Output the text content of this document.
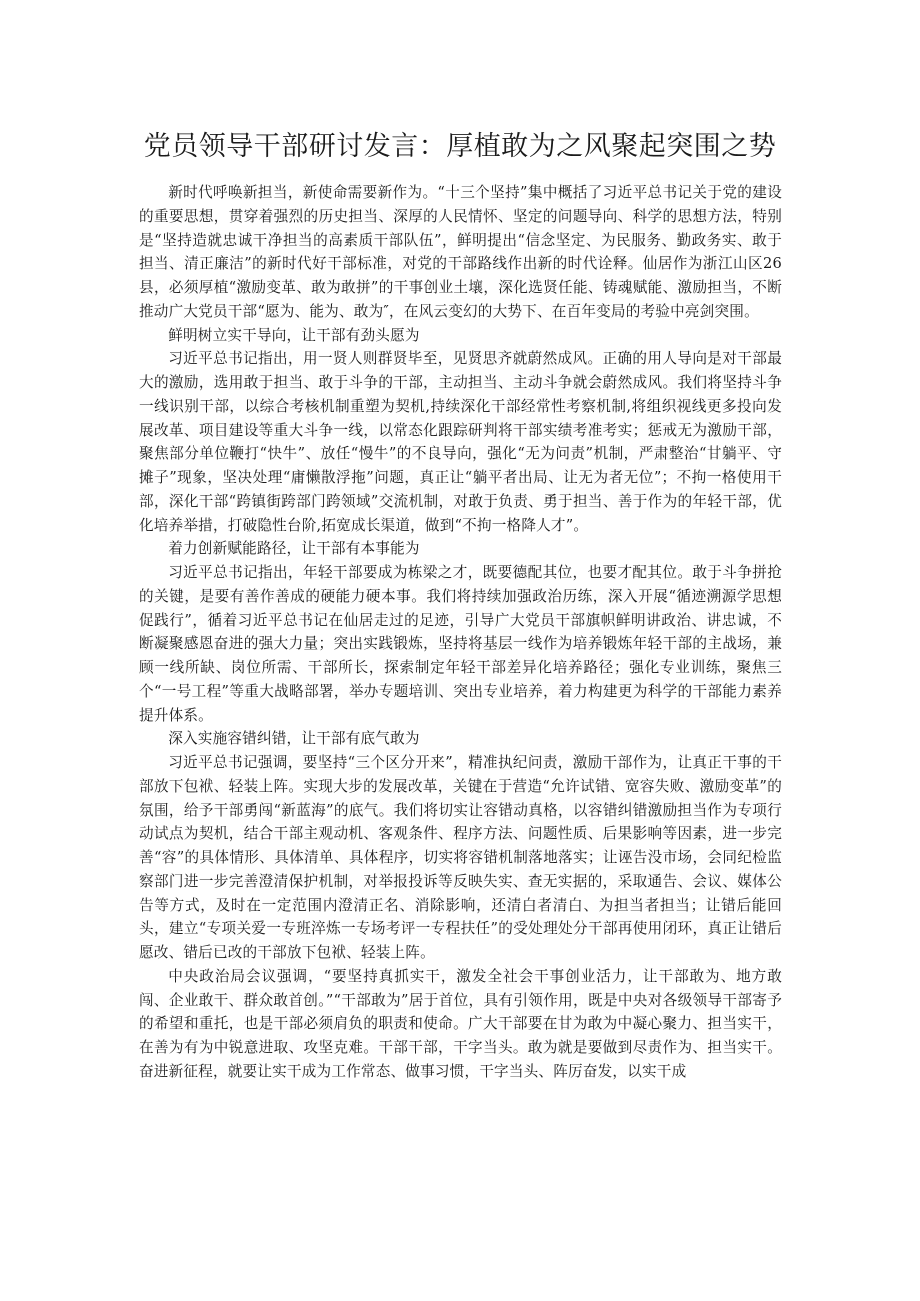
党员领导干部研讨发言：厚植敢为之风聚起突围之势

新时代呼唤新担当，新使命需要新作为。“十三个坚持”集中概括了习近平总书记关于党的建设的重要思想，贯穿着强烈的历史担当、深厚的人民情怀、坚定的问题导向、科学的思想方法，特别是“坚持造就忠诚干净担当的高素质干部队伍”，鲜明提出“信念坚定、为民服务、勤政务实、敢于担当、清正廉洁”的新时代好干部标准，对党的干部路线作出新的时代诠释。仙居作为浙江山区26县，必须厚植“激励变革、敢为敢拼”的干事创业土壤，深化选贤任能、铸魂赋能、激励担当，不断推动广大党员干部“愿为、能为、敢为″，在风云变幻的大势下、在百年变局的考验中亮剑突围。

鲜明树立实干导向，让干部有劲头愿为

习近平总书记指出，用一贤人则群贤毕至，见贤思齐就蔚然成风。正确的用人导向是对干部最大的激励，选用敢于担当、敢于斗争的干部，主动担当、主动斗争就会蔚然成风。我们将坚持斗争一线识别干部，以综合考核机制重塑为契机,持续深化干部经常性考察机制,将组织视线更多投向发展改革、项目建设等重大斗争一线，以常态化跟踪研判将干部实绩考准考实；惩戒无为激励干部，聚焦部分单位鞭打“快牛”、放任“慢牛”的不良导向，强化“无为问责”机制，严肃整治“甘躺平、守摊子”现象，坚决处理“庸懒散浮拖”问题，真正让“躺平者出局、让无为者无位”；不拘一格使用干部，深化干部“跨镇街跨部门跨领域”交流机制，对敢于负责、勇于担当、善于作为的年轻干部，优化培养举措，打破隐性台阶,拓宽成长渠道，做到“不拘一格降人才”。

着力创新赋能路径，让干部有本事能为

习近平总书记指出，年轻干部要成为栋梁之才，既要德配其位，也要才配其位。敢于斗争拼抢的关键，是要有善作善成的硬能力硬本事。我们将持续加强政治历练，深入开展“循迹溯源学思想促践行”，循着习近平总书记在仙居走过的足迹，引导广大党员干部旗帜鲜明讲政治、讲忠诚，不断凝聚感恩奋进的强大力量；突出实践锻炼，坚持将基层一线作为培养锻炼年轻干部的主战场，兼顾一线所缺、岗位所需、干部所长，探索制定年轻干部差异化培养路径；强化专业训练，聚焦三个“一号工程”等重大战略部署，举办专题培训、突出专业培养，着力构建更为科学的干部能力素养提升体系。

深入实施容错纠错，让干部有底气敢为

习近平总书记强调，要坚持“三个区分开来”，精准执纪问责，激励干部作为，让真正干事的干部放下包袱、轻装上阵。实现大步的发展改革，关键在于营造“允许试错、宽容失败、激励变革”的氛围，给予干部勇闯“新蓝海”的底气。我们将切实让容错动真格，以容错纠错激励担当作为专项行动试点为契机，结合干部主观动机、客观条件、程序方法、问题性质、后果影响等因素，进一步完善“容”的具体情形、具体清单、具体程序，切实将容错机制落地落实；让诬告没市场，会同纪检监察部门进一步完善澄清保护机制，对举报投诉等反映失实、查无实据的，采取通告、会议、媒体公告等方式，及时在一定范围内澄清正名、消除影响，还清白者清白、为担当者担当；让错后能回头，建立“专项关爱一专班淬炼一专场考评一专程扶任”的受处理处分干部再使用闭环，真正让错后愿改、错后已改的干部放下包袱、轻装上阵。

中央政治局会议强调，“要坚持真抓实干，激发全社会干事创业活力，让干部敢为、地方敢闯、企业敢干、群众敢首创。”“干部敢为”居于首位，具有引领作用，既是中央对各级领导干部寄予的希望和重托，也是干部必须肩负的职责和使命。广大干部要在甘为敢为中凝心聚力、担当实干，在善为有为中锐意进取、攻坚克难。干部干部，干字当头。敢为就是要做到尽责作为、担当实干。奋进新征程，就要让实干成为工作常态、做事习惯，干字当头、阵厉奋发，以实干成
